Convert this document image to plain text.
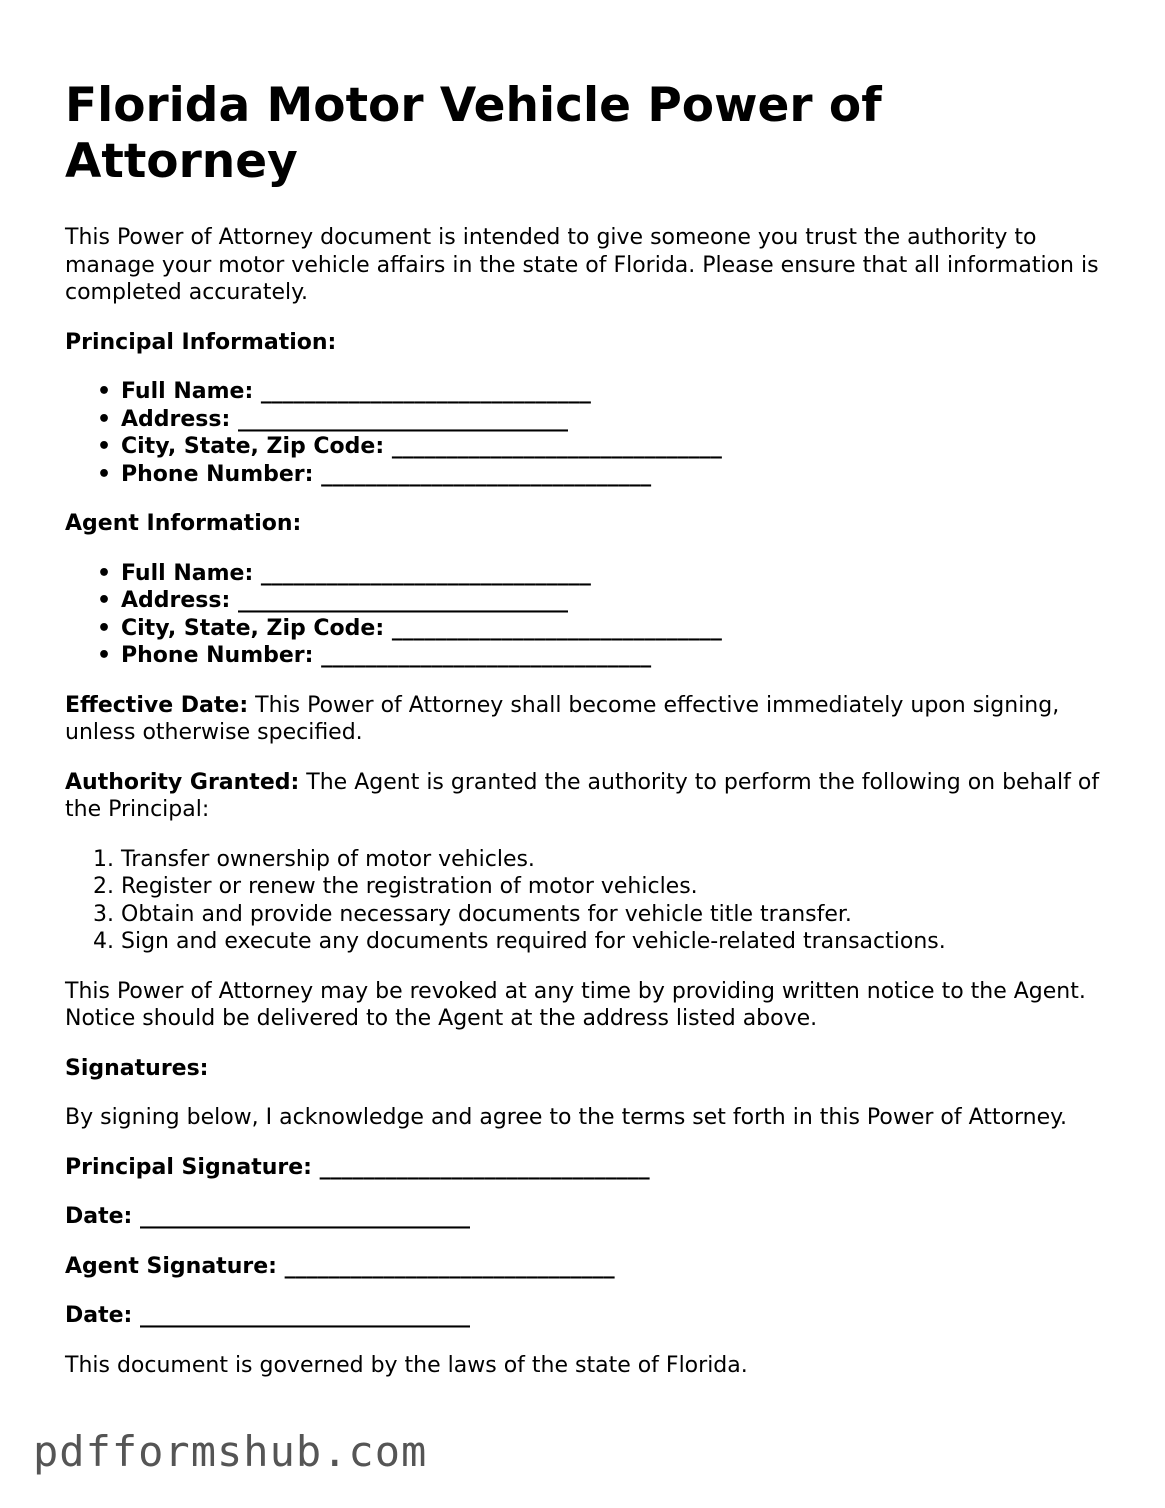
Florida Motor Vehicle Power of Attorney

This Power of Attorney document is intended to give someone you trust the authority to manage your motor vehicle affairs in the state of Florida. Please ensure that all information is completed accurately.

Principal Information:
• Full Name: ______________________________
• Address: ______________________________
• City, State, Zip Code: ______________________________
• Phone Number: ______________________________
Agent Information:
• Full Name: ______________________________
• Address: ______________________________
• City, State, Zip Code: ______________________________
• Phone Number: ______________________________

Effective Date: This Power of Attorney shall become effective immediately upon signing, unless otherwise specified.

Authority Granted: The Agent is granted the authority to perform the following on behalf of the Principal:

1. Transfer ownership of motor vehicles.
2. Register or renew the registration of motor vehicles.
3. Obtain and provide necessary documents for vehicle title transfer.
4. Sign and execute any documents required for vehicle-related transactions.

This Power of Attorney may be revoked at any time by providing written notice to the Agent. Notice should be delivered to the Agent at the address listed above.

Signatures:

By signing below, I acknowledge and agree to the terms set forth in this Power of Attorney.

Principal Signature: ______________________________
Date: ______________________________
Agent Signature: ______________________________
Date: ______________________________

This document is governed by the laws of the state of Florida.

pdfformshub.com
